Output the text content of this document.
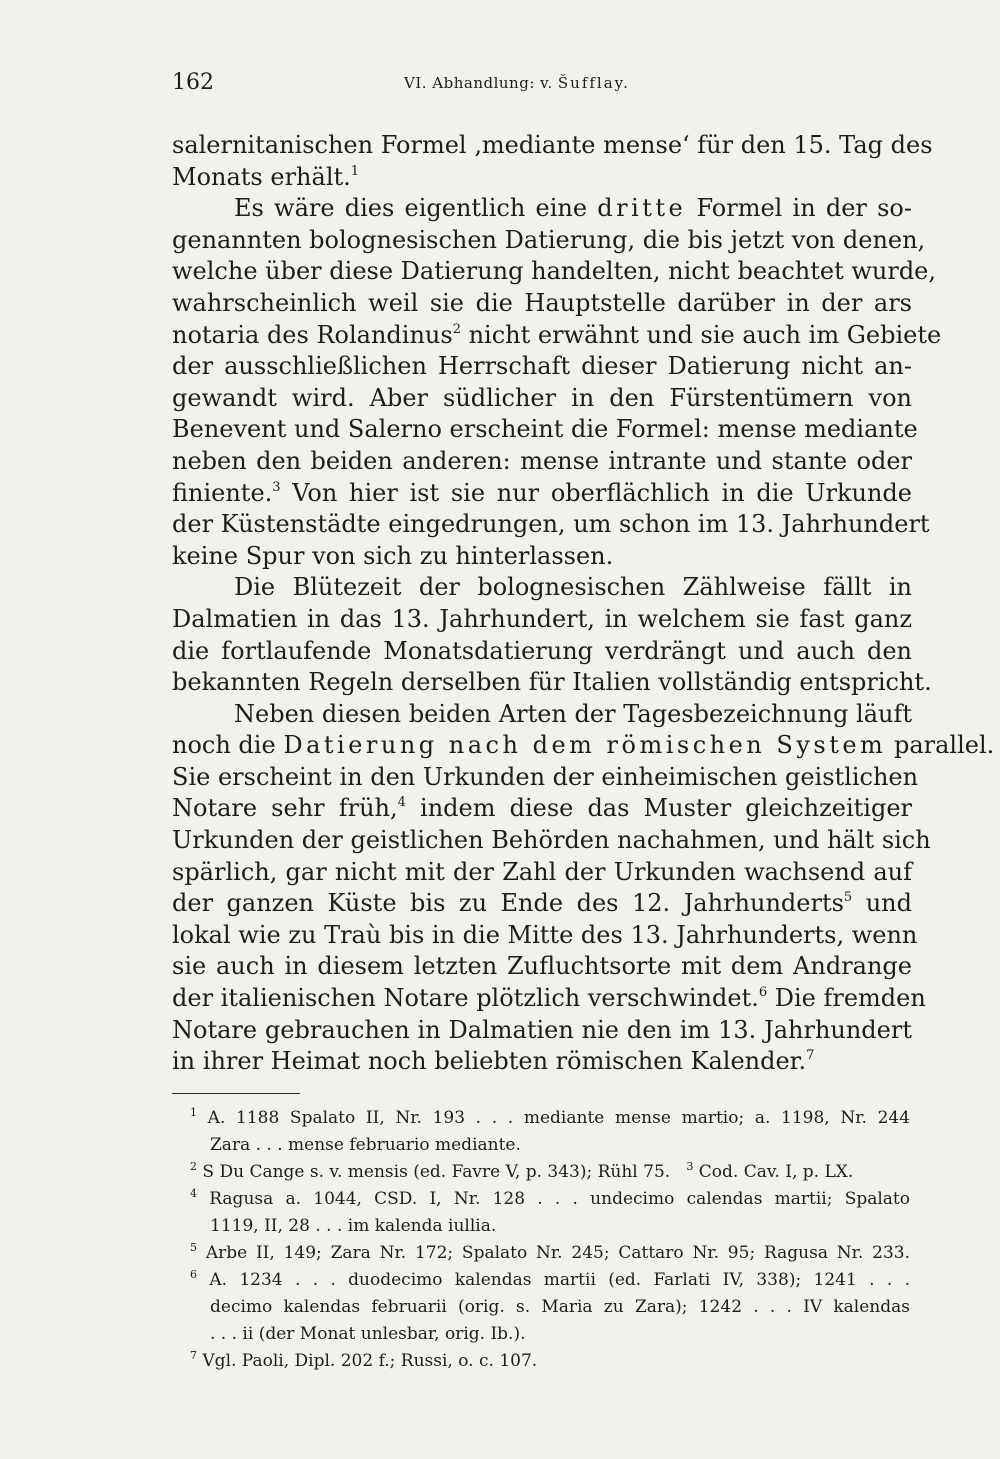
162	VI. Abhandlung: v. Šufflay.
salernitanischen Formel ‚mediante mense‘ für den 15. Tag des
Monats erhält.$^1$
Es wäre dies eigentlich eine dritte Formel in der so-
genannten bolognesischen Datierung, die bis jetzt von denen,
welche über diese Datierung handelten, nicht beachtet wurde,
wahrscheinlich weil sie die Hauptstelle darüber in der ars
notaria des Rolandinus$^2$ nicht erwähnt und sie auch im Gebiete
der ausschließlichen Herrschaft dieser Datierung nicht an-
gewandt wird. Aber südlicher in den Fürstentümern von
Benevent und Salerno erscheint die Formel: mense mediante
neben den beiden anderen: mense intrante und stante oder
finiente.$^3$ Von hier ist sie nur oberflächlich in die Urkunde
der Küstenstädte eingedrungen, um schon im 13. Jahrhundert
keine Spur von sich zu hinterlassen.
Die Blütezeit der bolognesischen Zählweise fällt in
Dalmatien in das 13. Jahrhundert, in welchem sie fast ganz
die fortlaufende Monatsdatierung verdrängt und auch den
bekannten Regeln derselben für Italien vollständig entspricht.
Neben diesen beiden Arten der Tagesbezeichnung läuft
noch die Datierung nach dem römischen System parallel.
Sie erscheint in den Urkunden der einheimischen geistlichen
Notare sehr früh,$^4$ indem diese das Muster gleichzeitiger
Urkunden der geistlichen Behörden nachahmen, und hält sich
spärlich, gar nicht mit der Zahl der Urkunden wachsend auf
der ganzen Küste bis zu Ende des 12. Jahrhunderts$^5$ und
lokal wie zu Traù bis in die Mitte des 13. Jahrhunderts, wenn
sie auch in diesem letzten Zufluchtsorte mit dem Andrange
der italienischen Notare plötzlich verschwindet.$^6$ Die fremden
Notare gebrauchen in Dalmatien nie den im 13. Jahrhundert
in ihrer Heimat noch beliebten römischen Kalender.$^7$
$^1$ A. 1188 Spalato II, Nr. 193 . . . mediante mense martio; a. 1198, Nr. 244
Zara . . . mense februario mediante.
$^2$ S Du Cange s. v. mensis (ed. Favre V, p. 343); Rühl 75. $^3$ Cod. Cav. I, p. LX.
$^4$ Ragusa a. 1044, CSD. I, Nr. 128 . . . undecimo calendas martii; Spalato
1119, II, 28 . . . im kalenda iullia.
$^5$ Arbe II, 149; Zara Nr. 172; Spalato Nr. 245; Cattaro Nr. 95; Ragusa Nr. 233.
$^6$ A. 1234 . . . duodecimo kalendas martii (ed. Farlati IV, 338); 1241 . . .
decimo kalendas februarii (orig. s. Maria zu Zara); 1242 . . . IV kalendas
. . . ii (der Monat unlesbar, orig. Ib.).
$^7$ Vgl. Paoli, Dipl. 202 f.; Russi, o. c. 107.
